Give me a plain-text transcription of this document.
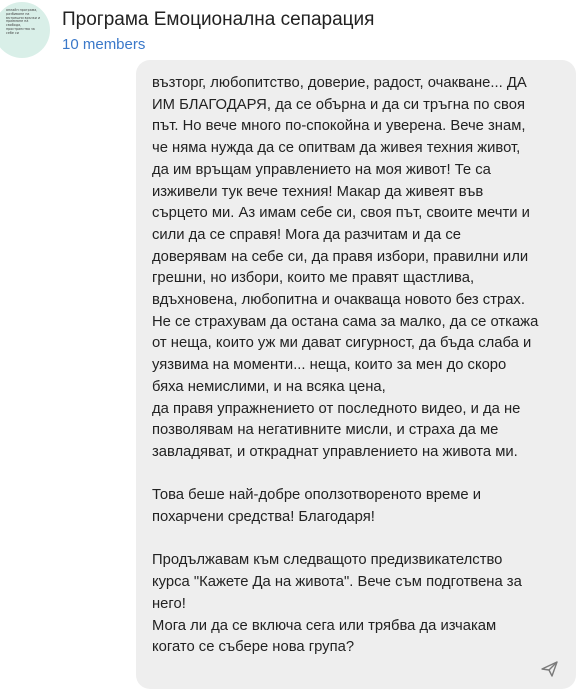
онлайн програма, разбиване на вътрешни връзки и приемане на свобода, пространство за себе си
Програма Емоционална сепарация
10 members

възторг, любопитство, доверие, радост, очакване... ДА

ИМ БЛАГОДАРЯ, да се обърна и да си тръгна по своя

път. Но вече много по-спокойна и уверена. Вече знам,

че няма нужда да се опитвам да живея техния живот,

да им връщам управлението на моя живот! Те са

изживели тук вече техния! Макар да живеят във

сърцето ми. Аз имам себе си, своя път, своите мечти и

сили да се справя! Мога да разчитам и да се

доверявам на себе си, да правя избори, правилни или

грешни, но избори, които ме правят щастлива,

вдъхновена, любопитна и очакваща новото без страх.

Не се страхувам да остана сама за малко, да се откажа

от неща, които уж ми дават сигурност, да бъда слаба и

уязвима на моменти... неща, които за мен до скоро

бяха немислими, и на всяка цена,

да правя упражнението от последното видео, и да не

позволявам на негативните мисли, и страха да ме

завладяват, и откраднат управлението на живота ми.

Това беше най-добре оползотвореното време и

похарчени средства! Благодаря!

Продължавам към следващото предизвикателство

курса "Кажете Да на живота". Вече съм подготвена за

него!

Мога ли да се включа сега или трябва да изчакам

когато се събере нова група?
